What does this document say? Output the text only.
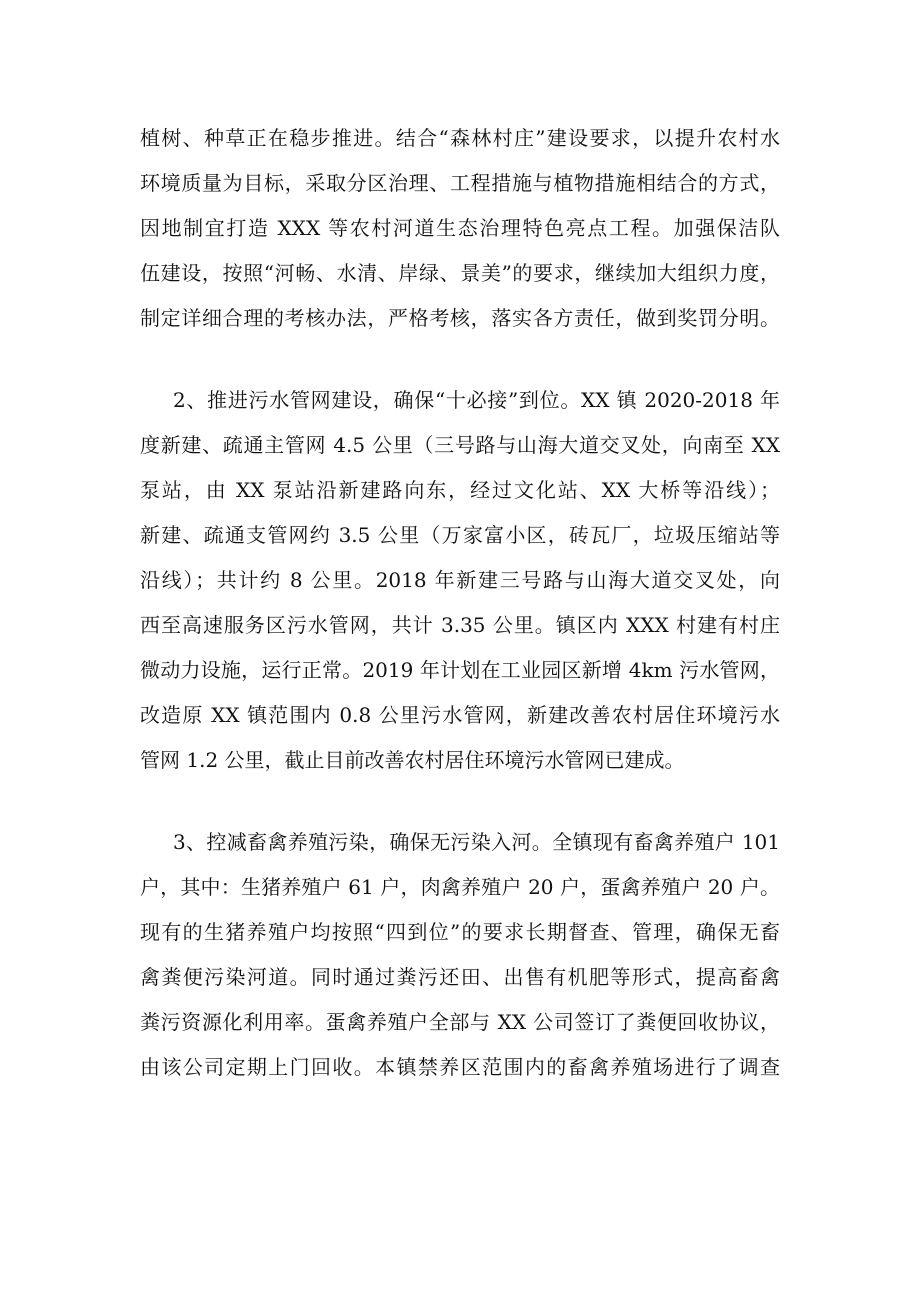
植树、种草正在稳步推进。结合“森林村庄”建设要求，以提升农村水
环境质量为目标，采取分区治理、工程措施与植物措施相结合的方式，
因地制宜打造 XXX 等农村河道生态治理特色亮点工程。加强保洁队
伍建设，按照“河畅、水清、岸绿、景美”的要求，继续加大组织力度，
制定详细合理的考核办法，严格考核，落实各方责任，做到奖罚分明。
2、推进污水管网建设，确保“十必接”到位。XX 镇 2020-2018 年
度新建、疏通主管网 4.5 公里（三号路与山海大道交叉处，向南至 XX
泵站，由 XX 泵站沿新建路向东，经过文化站、XX 大桥等沿线）；
新建、疏通支管网约 3.5 公里（万家富小区，砖瓦厂，垃圾压缩站等
沿线）；共计约 8 公里。2018 年新建三号路与山海大道交叉处，向
西至高速服务区污水管网，共计 3.35 公里。镇区内 XXX 村建有村庄
微动力设施，运行正常。2019 年计划在工业园区新增 4km 污水管网，
改造原 XX 镇范围内 0.8 公里污水管网，新建改善农村居住环境污水
管网 1.2 公里，截止目前改善农村居住环境污水管网已建成。
3、控减畜禽养殖污染，确保无污染入河。全镇现有畜禽养殖户 101
户，其中：生猪养殖户 61 户，肉禽养殖户 20 户，蛋禽养殖户 20 户。
现有的生猪养殖户均按照“四到位”的要求长期督查、管理，确保无畜
禽粪便污染河道。同时通过粪污还田、出售有机肥等形式，提高畜禽
粪污资源化利用率。蛋禽养殖户全部与 XX 公司签订了粪便回收协议，
由该公司定期上门回收。本镇禁养区范围内的畜禽养殖场进行了调查
